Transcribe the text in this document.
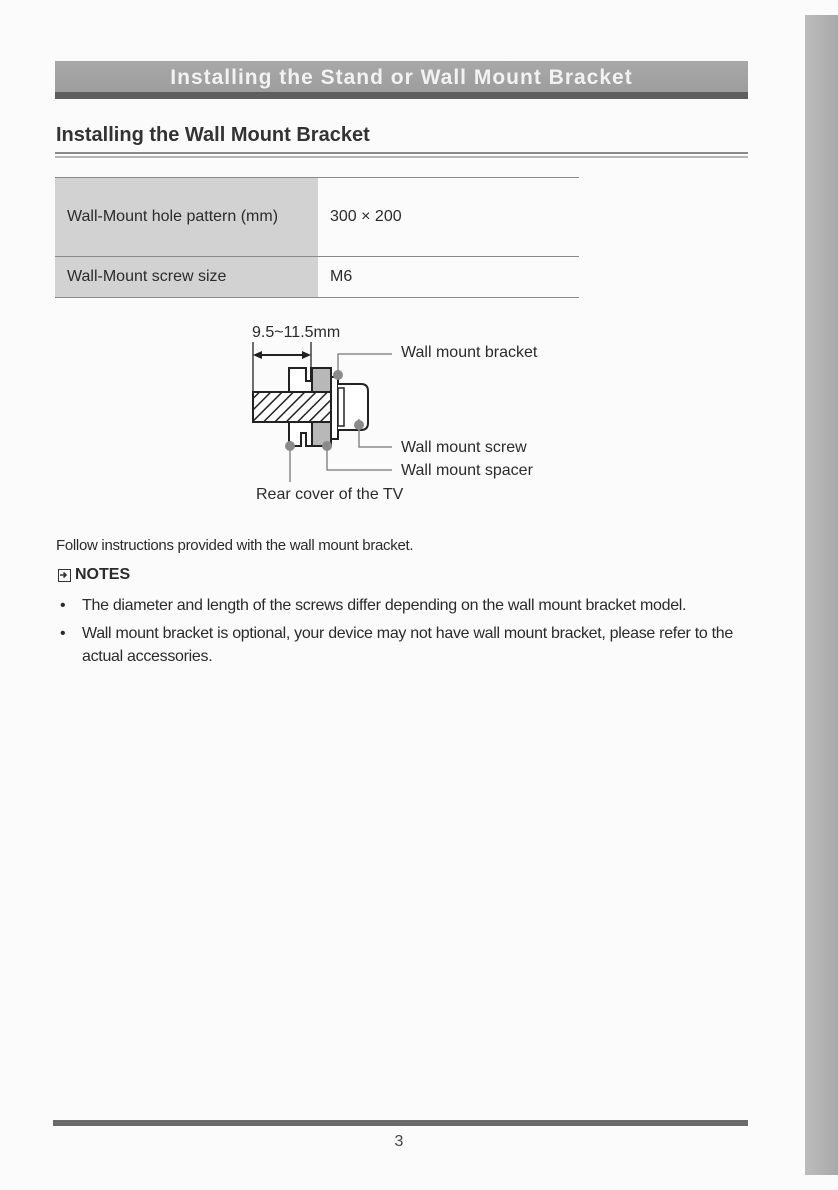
Installing the Stand or Wall Mount Bracket
Installing the Wall Mount Bracket
Wall-Mount hole pattern (mm)	300 × 200
Wall-Mount screw size	M6
9.5~11.5mm
Wall mount bracket
Wall mount screw
Wall mount spacer
Rear cover of the TV
Follow instructions provided with the wall mount bracket.
NOTES
• The diameter and length of the screws differ depending on the wall mount bracket model.
• Wall mount bracket is optional, your device may not have wall mount bracket, please refer to the actual accessories.
3
